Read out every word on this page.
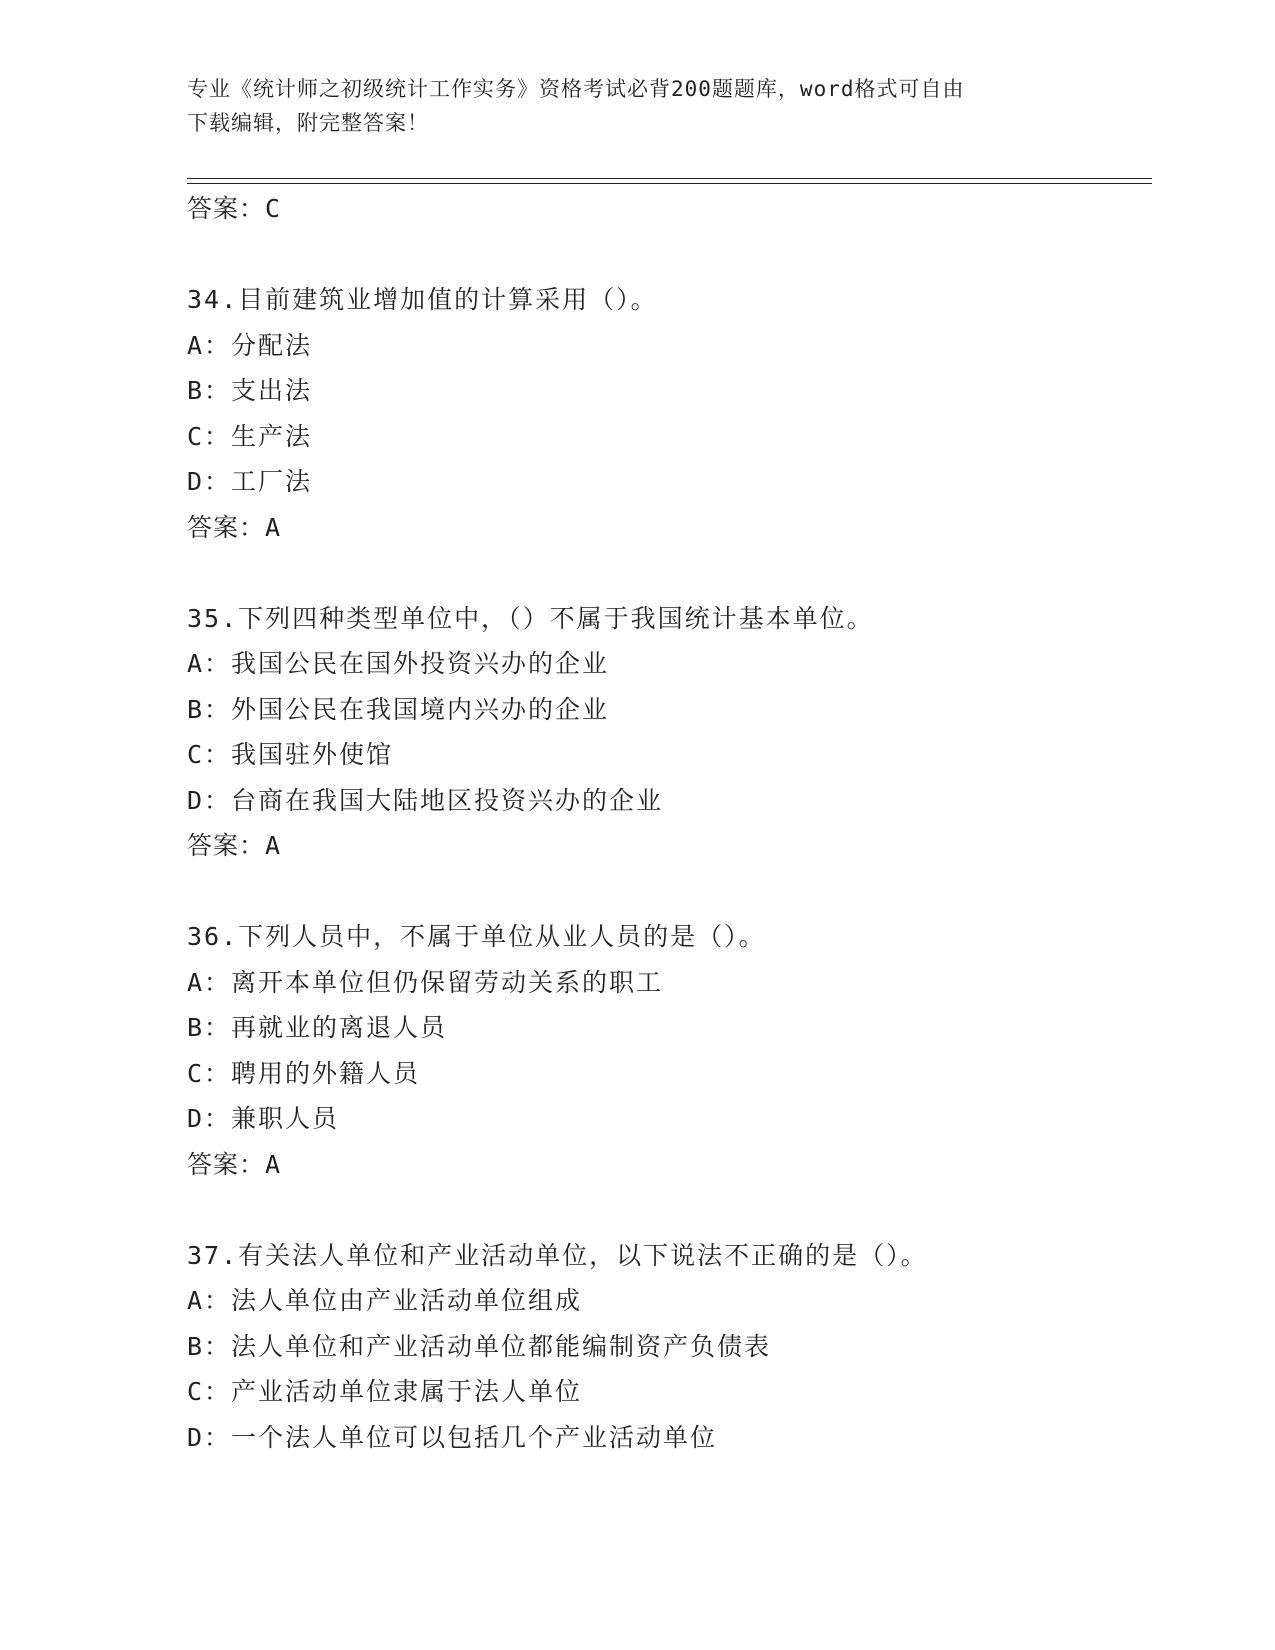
专业《统计师之初级统计工作实务》资格考试必背200题题库，word格式可自由
下载编辑，附完整答案！
答案：C
34.目前建筑业增加值的计算采用（）。
A：分配法
B：支出法
C：生产法
D：工厂法
答案：A
35.下列四种类型单位中，（）不属于我国统计基本单位。
A：我国公民在国外投资兴办的企业
B：外国公民在我国境内兴办的企业
C：我国驻外使馆
D：台商在我国大陆地区投资兴办的企业
答案：A
36.下列人员中，不属于单位从业人员的是（）。
A：离开本单位但仍保留劳动关系的职工
B：再就业的离退人员
C：聘用的外籍人员
D：兼职人员
答案：A
37.有关法人单位和产业活动单位，以下说法不正确的是（）。
A：法人单位由产业活动单位组成
B：法人单位和产业活动单位都能编制资产负债表
C：产业活动单位隶属于法人单位
D：一个法人单位可以包括几个产业活动单位
